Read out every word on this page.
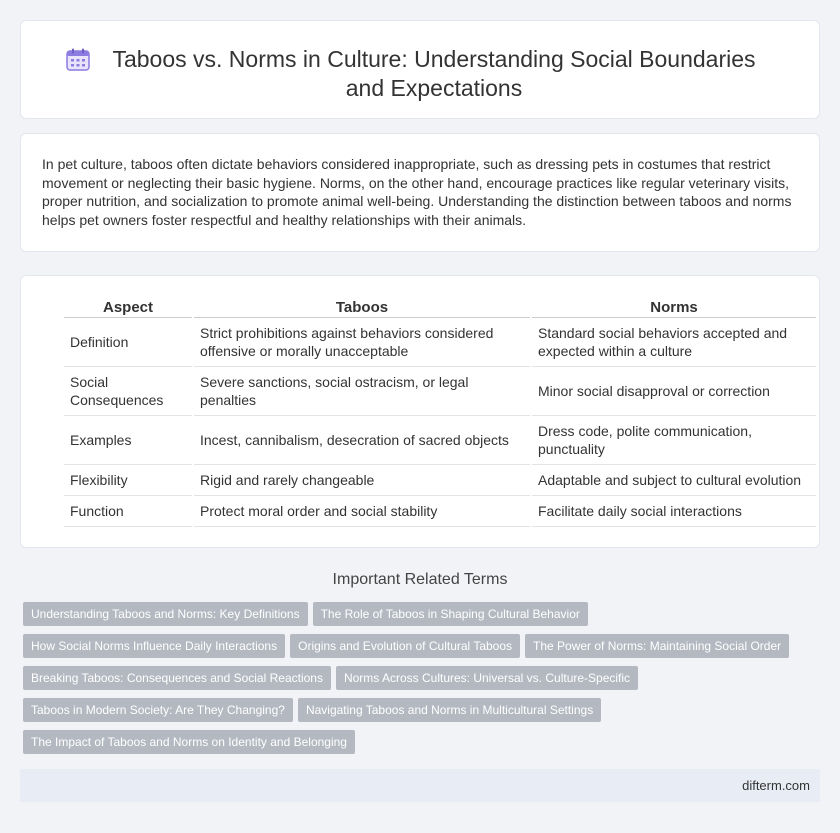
Taboos vs. Norms in Culture: Understanding Social Boundaries and Expectations

In pet culture, taboos often dictate behaviors considered inappropriate, such as dressing pets in costumes that restrict movement or neglecting their basic hygiene. Norms, on the other hand, encourage practices like regular veterinary visits, proper nutrition, and socialization to promote animal well-being. Understanding the distinction between taboos and norms helps pet owners foster respectful and healthy relationships with their animals.

Aspect	Taboos	Norms
Definition	Strict prohibitions against behaviors considered offensive or morally unacceptable	Standard social behaviors accepted and expected within a culture
Social Consequences	Severe sanctions, social ostracism, or legal penalties	Minor social disapproval or correction
Examples	Incest, cannibalism, desecration of sacred objects	Dress code, polite communication, punctuality
Flexibility	Rigid and rarely changeable	Adaptable and subject to cultural evolution
Function	Protect moral order and social stability	Facilitate daily social interactions
Important Related Terms
Understanding Taboos and Norms: Key Definitions The Role of Taboos in Shaping Cultural Behavior
How Social Norms Influence Daily Interactions Origins and Evolution of Cultural Taboos The Power of Norms: Maintaining Social Order
Breaking Taboos: Consequences and Social Reactions Norms Across Cultures: Universal vs. Culture-Specific
Taboos in Modern Society: Are They Changing? Navigating Taboos and Norms in Multicultural Settings
The Impact of Taboos and Norms on Identity and Belonging
difterm.com
